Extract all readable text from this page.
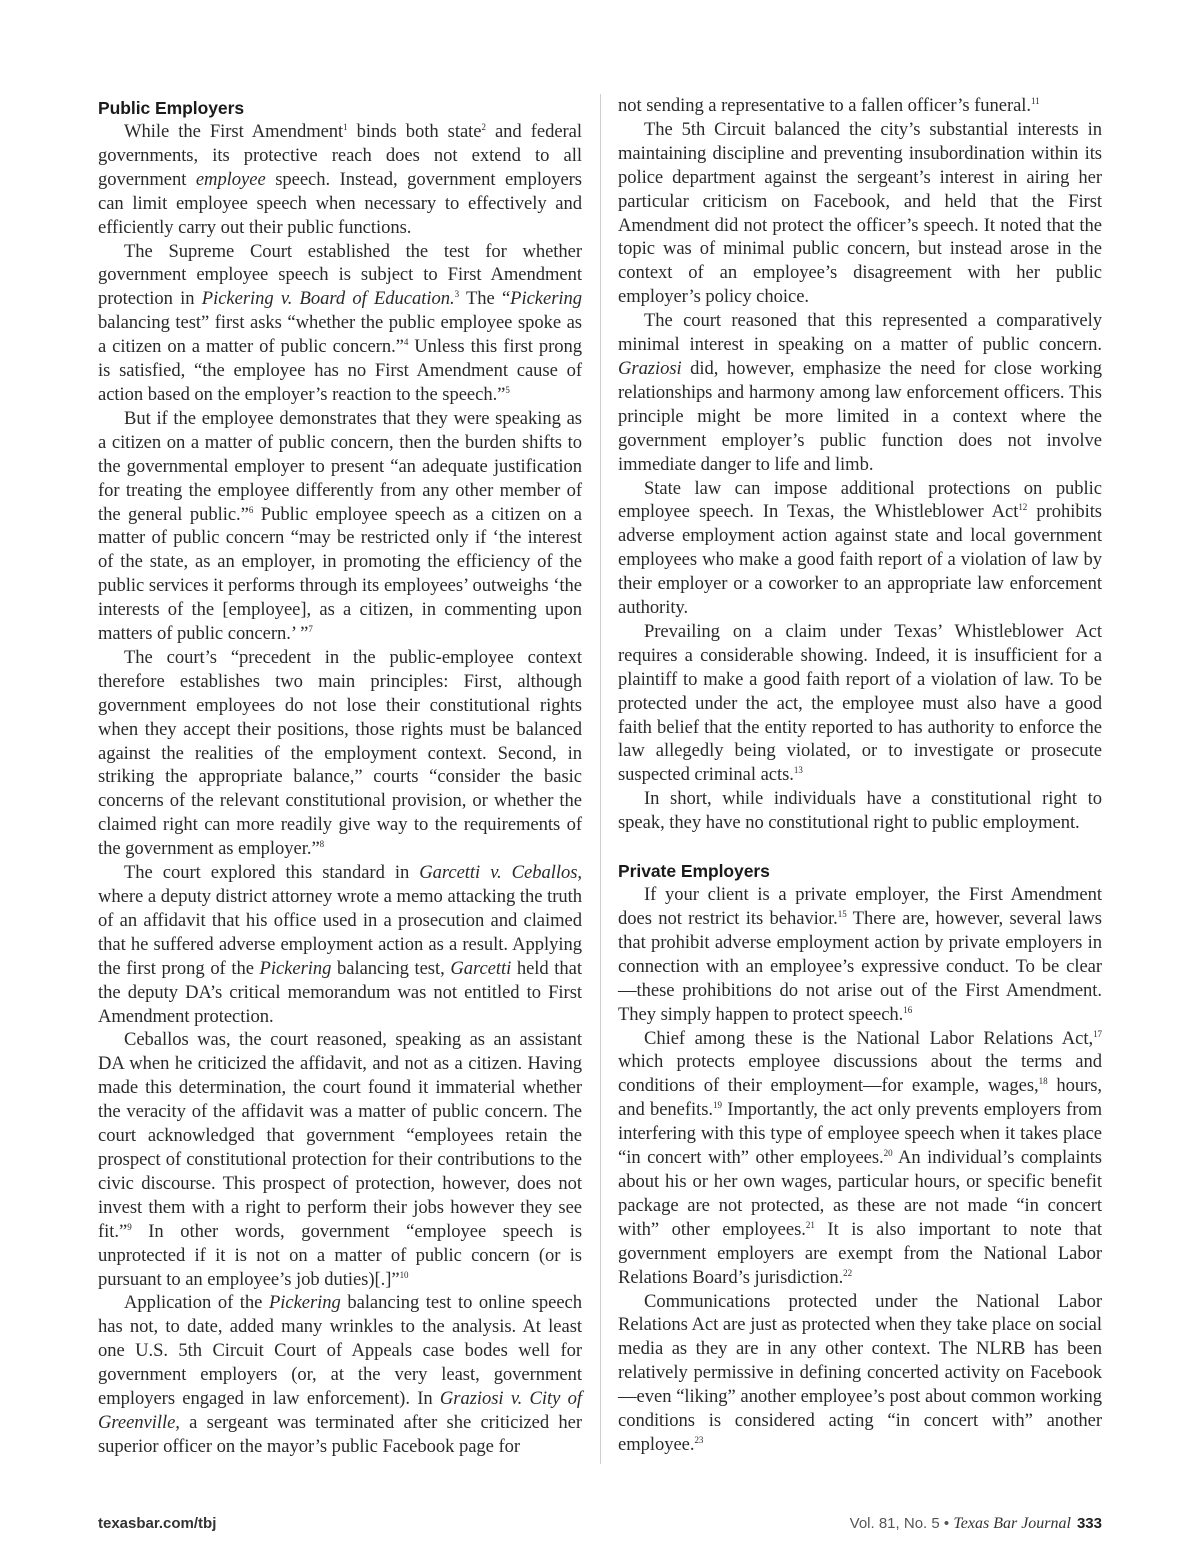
Public Employers

While the First Amendment$^1$ binds both state$^2$ and federal governments, its protective reach does not extend to all government employee speech. Instead, government employers can limit employee speech when necessary to effectively and efficiently carry out their public functions.

The Supreme Court established the test for whether government employee speech is subject to First Amendment protection in Pickering v. Board of Education.$^3$ The “Pickering balancing test” first asks “whether the public employee spoke as a citizen on a matter of public concern.”$^4$ Unless this first prong is satisfied, “the employee has no First Amendment cause of action based on the employer’s reaction to the speech.”$^5$

But if the employee demonstrates that they were speaking as a citizen on a matter of public concern, then the burden shifts to the governmental employer to present “an adequate justification for treating the employee differently from any other member of the general public.”$^6$ Public employee speech as a citizen on a matter of public concern “may be restricted only if ‘the interest of the state, as an employer, in promoting the efficiency of the public services it performs through its employees’ outweighs ‘the interests of the [employee], as a citizen, in commenting upon matters of public concern.’ ”$^7$

The court’s “precedent in the public-employee context therefore establishes two main principles: First, although government employees do not lose their constitutional rights when they accept their positions, those rights must be balanced against the realities of the employment context. Second, in striking the appropriate balance,” courts “consider the basic concerns of the relevant constitutional provision, or whether the claimed right can more readily give way to the requirements of the government as employer.”$^8$

The court explored this standard in Garcetti v. Ceballos, where a deputy district attorney wrote a memo attacking the truth of an affidavit that his office used in a prosecution and claimed that he suffered adverse employment action as a result. Applying the first prong of the Pickering balancing test, Garcetti held that the deputy DA’s critical memorandum was not entitled to First Amendment protection.

Ceballos was, the court reasoned, speaking as an assistant DA when he criticized the affidavit, and not as a citizen. Having made this determination, the court found it immaterial whether the veracity of the affidavit was a matter of public concern. The court acknowledged that government “employees retain the prospect of constitutional protection for their contributions to the civic discourse. This prospect of protection, however, does not invest them with a right to perform their jobs however they see fit.”$^9$ In other words, government “employee speech is unprotected if it is not on a matter of public concern (or is pursuant to an employee’s job duties)[.]”$^{10}$

Application of the Pickering balancing test to online speech has not, to date, added many wrinkles to the analysis. At least one U.S. 5th Circuit Court of Appeals case bodes well for government employers (or, at the very least, government employers engaged in law enforcement). In Graziosi v. City of Greenville, a sergeant was terminated after she criticized her superior officer on the mayor’s public Facebook page for

not sending a representative to a fallen officer’s funeral.$^{11}$

The 5th Circuit balanced the city’s substantial interests in maintaining discipline and preventing insubordination within its police department against the sergeant’s interest in airing her particular criticism on Facebook, and held that the First Amendment did not protect the officer’s speech. It noted that the topic was of minimal public concern, but instead arose in the context of an employee’s disagreement with her public employer’s policy choice.

The court reasoned that this represented a comparatively minimal interest in speaking on a matter of public concern. Graziosi did, however, emphasize the need for close working relationships and harmony among law enforcement officers. This principle might be more limited in a context where the government employer’s public function does not involve immediate danger to life and limb.

State law can impose additional protections on public employee speech. In Texas, the Whistleblower Act$^{12}$ prohibits adverse employment action against state and local government employees who make a good faith report of a violation of law by their employer or a coworker to an appropriate law enforcement authority.

Prevailing on a claim under Texas’ Whistleblower Act requires a considerable showing. Indeed, it is insufficient for a plaintiff to make a good faith report of a violation of law. To be protected under the act, the employee must also have a good faith belief that the entity reported to has authority to enforce the law allegedly being violated, or to investigate or prosecute suspected criminal acts.$^{13}$

In short, while individuals have a constitutional right to speak, they have no constitutional right to public employment.

Private Employers

If your client is a private employer, the First Amendment does not restrict its behavior.$^{15}$ There are, however, several laws that prohibit adverse employment action by private employers in connection with an employee’s expressive conduct. To be clear—these prohibitions do not arise out of the First Amendment. They simply happen to protect speech.$^{16}$

Chief among these is the National Labor Relations Act,$^{17}$ which protects employee discussions about the terms and conditions of their employment—for example, wages,$^{18}$ hours, and benefits.$^{19}$ Importantly, the act only prevents employers from interfering with this type of employee speech when it takes place “in concert with” other employees.$^{20}$ An individual’s complaints about his or her own wages, particular hours, or specific benefit package are not protected, as these are not made “in concert with” other employees.$^{21}$ It is also important to note that government employers are exempt from the National Labor Relations Board’s jurisdiction.$^{22}$

Communications protected under the National Labor Relations Act are just as protected when they take place on social media as they are in any other context. The NLRB has been relatively permissive in defining concerted activity on Facebook—even “liking” another employee’s post about common working conditions is considered acting “in concert with” another employee.$^{23}$

texasbar.com/tbj	Vol. 81, No. 5 • Texas Bar Journal 333
